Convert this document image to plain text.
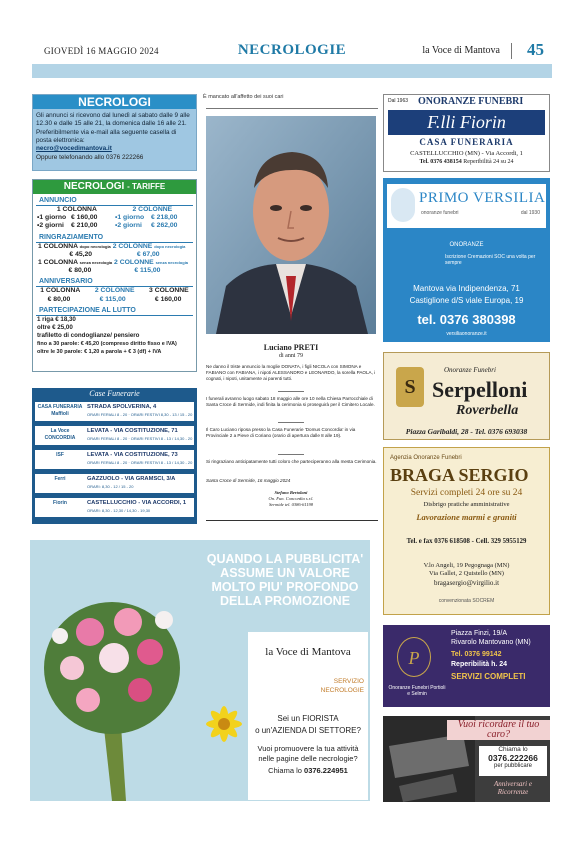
GIOVEDÌ 16 MAGGIO 2024	NECROLOGIE	la Voce di Mantova 45
NECROLOGI
Gli annunci si ricevono dal lunedì al sabato dalle 9 alle 12.30 e dalle 15 alle 21, la domenica dalle 16 alle 21. Preferibilmente via e-mail alla seguente casella di posta elettronica:
necro@vocedimantova.it
Oppure telefonando allo 0376 222266
NECROLOGI - TARIFFE
ANNUNCIO
1 COLONNA	2 COLONNE
•1 giorno € 160,00	•1 giorno € 218,00
•2 giorni	€ 210,00	•2 giorni	€ 262,00
RINGRAZIAMENTO
1 COLONNA dopo necrologia 2 COLONNE dopo necrologia
€ 45,20	€ 67,00
1 COLONNA senza necrologia 2 COLONNE senza necrologia
€ 80,00	€ 115,00
ANNIVERSARIO
1 COLONNA 2 COLONNE 3 COLONNE
€ 80,00	€ 115,00	€ 160,00
PARTECIPAZIONE AL LUTTO
1 riga € 18,30
oltre € 25,00
trafiletto di condoglianze/ pensiero
fino a 30 parole: € 45,20 (compreso diritto fisso e IVA)
oltre le 30 parole: € 1,20 a parola + € 3 (df) + IVA
Case Funerarie
CASA FUNERARIA Maffioli
STRADA SPOLVERINA, 4
ORARI FERIALI 8 - 20 · ORARI FESTIVI 8,30 - 13 / 15 - 20
La Voce CONCORDIA
LEVATA - VIA COSTITUZIONE, 71
ORARI FERIALI 8 - 20 · ORARI FESTIVI 8 - 13 / 14,30 - 20
ISF	LEVATA - VIA COSTITUZIONE, 73
ORARI FERIALI 8 - 20 · ORARI FESTIVI 8 - 13 / 14,30 - 20
Ferri	GAZZUOLO - VIA GRAMSCI, 3/A
ORARI: 8,30 - 12 / 15 - 20
Fiorin	CASTELLUCCHIO - VIA ACCORDI, 1
ORARI: 8,30 - 12,30 / 14,30 - 19,30
È mancato all'affetto dei suoi cari
Luciano PRETI
di anni 79
Ne danno il triste annuncio la moglie DONATA, i figli NICOLA con SIMONA e FABIANO con FABIANA, i nipoti ALESSANDRO e LEONARDO, la sorella PAOLA, i cognati, i nipoti, unitamente ai parenti tutti.
I funerali avranno luogo sabato 18 maggio alle ore 10 nella Chiesa Parrocchiale di Santa Croce di Sermide, indi finita la cerimonia si proseguirà per il Cimitero Locale.
Il Caro Luciano riposa presso la Casa Funerarie 'Domus Concordia' in via Provinciale 2 a Pieve di Coriano (orario di apertura dalle 8 alle 19).
Si ringraziano anticipatamente tutti coloro che parteciperanno alla mesta Cerimonia.
Santa Croce di Sermide, 16 maggio 2024
Stefano Bertolani
On. Fun. Concordia s.r.l.
Sermide tel. 0386-61198
Dal 1963 ONORANZE FUNEBRI
F.lli Fiorin
CASA FUNERARIA
CASTELLUCCHIO (MN) - Via Accordi, 1
Tel. 0376 438154 Reperibilità 24 su 24
PRIMO VERSILIA
onoranze funebri	dal 1930
ONORANZE
Iscrizione Cremazioni SOC una volta per sempre
Mantova via Indipendenza, 71
Castiglione d/S viale Europa, 19
tel. 0376 380398
versiliaonoranze.it
S
Onoranze Funebri
Serpelloni
Roverbella
Piazza Garibaldi, 28 - Tel. 0376 693038
Agenzia Onoranze Funebri
BRAGA SERGIO
Servizi completi 24 ore su 24
Disbrigo pratiche amministrative
Lavorazione marmi e graniti
Tel. e fax 0376 618508 - Cell. 329 5955129
V.lo Angeli, 19 Pegognaga (MN)
Via Gallei, 2 Quistello (MN)
bragasergio@virgilio.it
convenzionata SOCREM
P
Piazza Finzi, 19/A
Rivarolo Mantovano (MN)
Tel. 0376 99142
Reperibilità h. 24
SERVIZI COMPLETI
Onoranze Funebri Portioli e Selmin
Vuoi ricordare il tuo caro?
Chiama lo
0376.222266
per pubblicare
Anniversari e Ricorrenze
QUANDO LA PUBBLICITA'
ASSUME UN VALORE
MOLTO PIU' PROFONDO
DELLA PROMOZIONE
la Voce di Mantova
SERVIZIO
NECROLOGIE
Sei un FIORISTA
o un'AZIENDA DI SETTORE?
Vuoi promuovere la tua attività
nelle pagine delle necrologie?
Chiama lo 0376.224951
